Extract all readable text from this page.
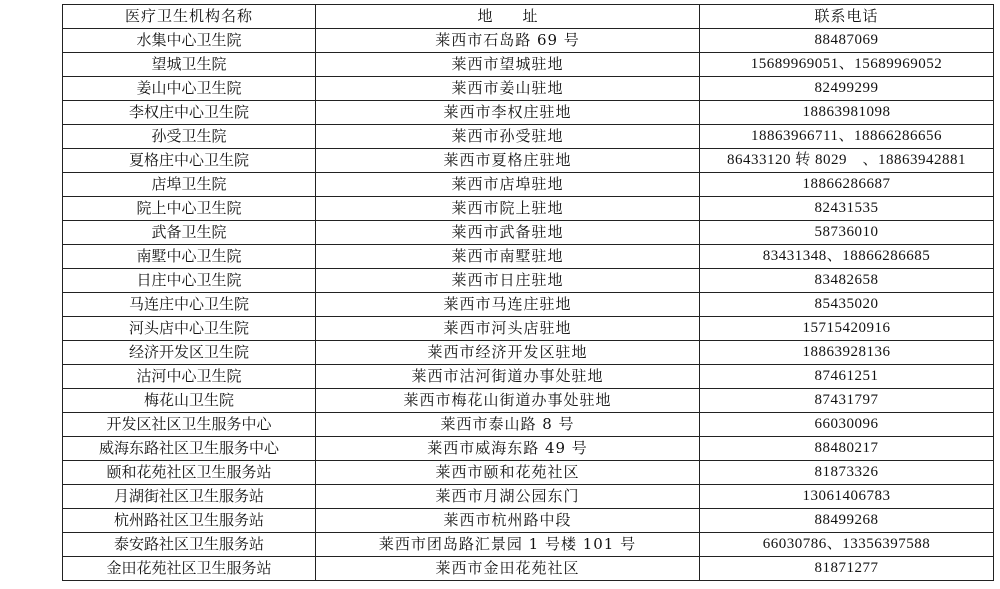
医疗卫生机构名称	地　　址	联系电话
水集中心卫生院	莱西市石岛路 69 号	88487069
望城卫生院	莱西市望城驻地	15689969051、15689969052
姜山中心卫生院	莱西市姜山驻地	82499299
李权庄中心卫生院	莱西市李权庄驻地	18863981098
孙受卫生院	莱西市孙受驻地	18863966711、18866286656
夏格庄中心卫生院	莱西市夏格庄驻地	86433120 转 8029　、18863942881
店埠卫生院	莱西市店埠驻地	18866286687
院上中心卫生院	莱西市院上驻地	82431535
武备卫生院	莱西市武备驻地	58736010
南墅中心卫生院	莱西市南墅驻地	83431348、18866286685
日庄中心卫生院	莱西市日庄驻地	83482658
马连庄中心卫生院	莱西市马连庄驻地	85435020
河头店中心卫生院	莱西市河头店驻地	15715420916
经济开发区卫生院	莱西市经济开发区驻地	18863928136
沽河中心卫生院	莱西市沽河街道办事处驻地	87461251
梅花山卫生院	莱西市梅花山街道办事处驻地	87431797
开发区社区卫生服务中心	莱西市泰山路 8 号	66030096
威海东路社区卫生服务中心	莱西市威海东路 49 号	88480217
颐和花苑社区卫生服务站	莱西市颐和花苑社区	81873326
月湖街社区卫生服务站	莱西市月湖公园东门	13061406783
杭州路社区卫生服务站	莱西市杭州路中段	88499268
泰安路社区卫生服务站	莱西市团岛路汇景园 1 号楼 101 号	66030786、13356397588
金田花苑社区卫生服务站	莱西市金田花苑社区	81871277
